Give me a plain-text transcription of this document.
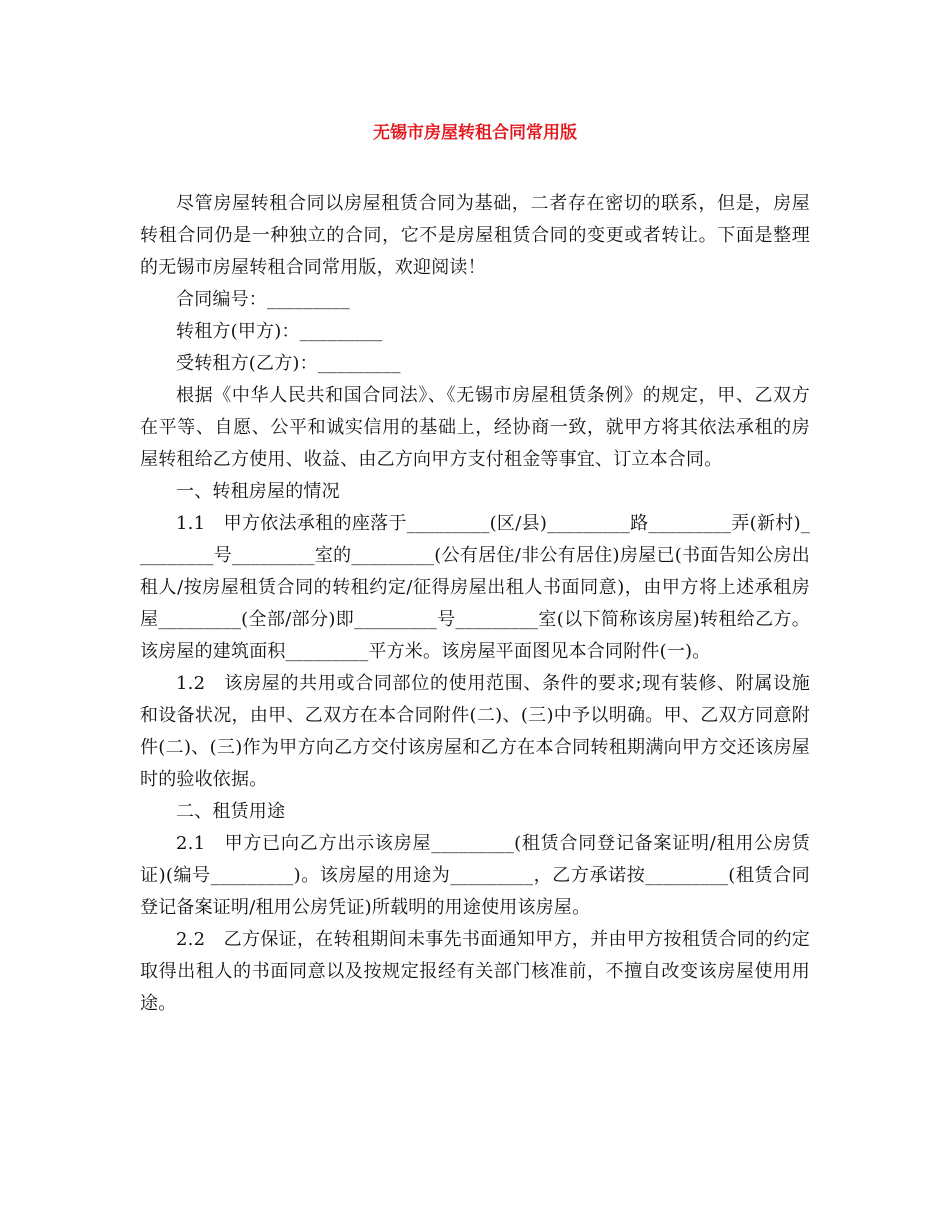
无锡市房屋转租合同常用版

尽管房屋转租合同以房屋租赁合同为基础，二者存在密切的联系，但是，房屋转租合同仍是一种独立的合同，它不是房屋租赁合同的变更或者转让。下面是整理的无锡市房屋转租合同常用版，欢迎阅读！

合同编号：_________

转租方(甲方)：_________

受转租方(乙方)：_________

根据《中华人民共和国合同法》、《无锡市房屋租赁条例》的规定，甲、乙双方在平等、自愿、公平和诚实信用的基础上，经协商一致，就甲方将其依法承租的房屋转租给乙方使用、收益、由乙方向甲方支付租金等事宜、订立本合同。

一、转租房屋的情况

1.1　甲方依法承租的座落于_________(区/县)_________路_________弄(新村)_________号_________室的_________(公有居住/非公有居住)房屋已(书面告知公房出租人/按房屋租赁合同的转租约定/征得房屋出租人书面同意)，由甲方将上述承租房屋_________(全部/部分)即_________号_________室(以下简称该房屋)转租给乙方。该房屋的建筑面积_________平方米。该房屋平面图见本合同附件(一)。

1.2　该房屋的共用或合同部位的使用范围、条件的要求;现有装修、附属设施和设备状况，由甲、乙双方在本合同附件(二)、(三)中予以明确。甲、乙双方同意附件(二)、(三)作为甲方向乙方交付该房屋和乙方在本合同转租期满向甲方交还该房屋时的验收依据。

二、租赁用途

2.1　甲方已向乙方出示该房屋_________(租赁合同登记备案证明/租用公房赁证)(编号_________)。该房屋的用途为_________，乙方承诺按_________(租赁合同登记备案证明/租用公房凭证)所载明的用途使用该房屋。

2.2　乙方保证，在转租期间未事先书面通知甲方，并由甲方按租赁合同的约定取得出租人的书面同意以及按规定报经有关部门核准前，不擅自改变该房屋使用用途。
